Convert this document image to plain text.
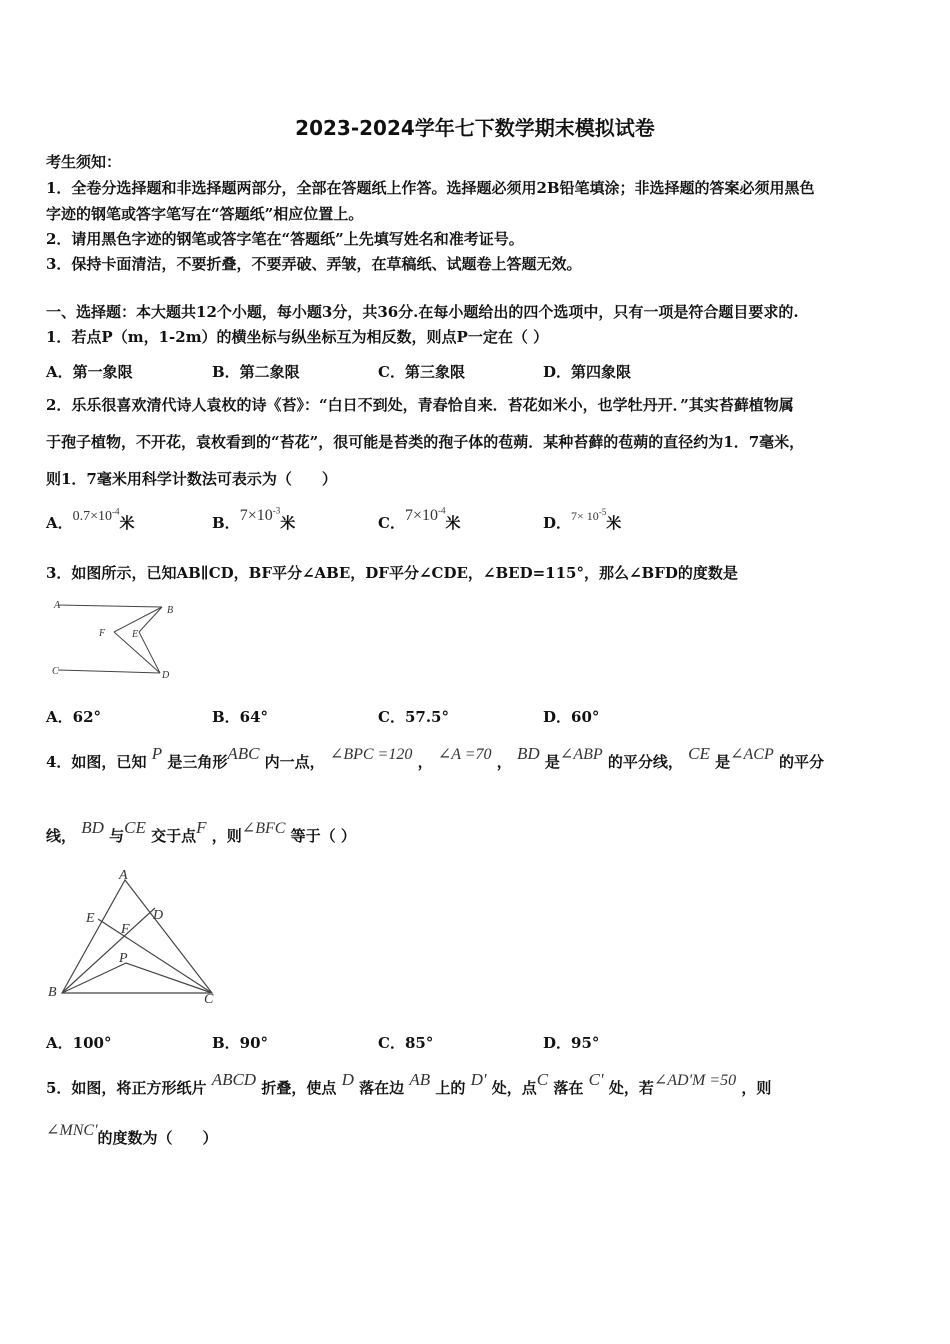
2023-2024学年七下数学期末模拟试卷
考生须知：
1．全卷分选择题和非选择题两部分，全部在答题纸上作答。选择题必须用2B铅笔填涂；非选择题的答案必须用黑色
字迹的钢笔或答字笔写在“答题纸”相应位置上。
2．请用黑色字迹的钢笔或答字笔在“答题纸”上先填写姓名和准考证号。
3．保持卡面清洁，不要折叠，不要弄破、弄皱，在草稿纸、试题卷上答题无效。
一、选择题：本大题共12个小题，每小题3分，共36分.在每小题给出的四个选项中，只有一项是符合题目要求的.
1．若点P（m，1-2m）的横坐标与纵坐标互为相反数，则点P一定在（ ）
A．第一象限	B．第二象限	C．第三象限	D．第四象限
2．乐乐很喜欢清代诗人袁枚的诗《苔》：“白日不到处，青春恰自来．苔花如米小，也学牡丹开．”其实苔藓植物属
于孢子植物，不开花，袁枚看到的“苔花”，很可能是苔类的孢子体的苞蒴．某种苔藓的苞蒴的直径约为1．7毫米，
则1．7毫米用科学计数法可表示为（　　）
A．$0.7\times 10^{-4}$米	B．$7\times 10^{-3}$米	C．$7\times 10^{-4}$米	D．$^{7\times 10^{-5}}$米
3．如图所示，已知AB∥CD，BF平分∠ABE，DF平分∠CDE，∠BED=115°，那么∠BFD的度数是
A	B
C	D
E
F
A．62°	B．64°	C．57.5°	D．60°
4．如图，已知 P 是三角形ABC 内一点， ∠BPC =120 ， ∠A =70 ， BD 是∠ABP 的平分线， CE 是∠ACP 的平分
线， BD 与CE 交于点F ，则∠BFC 等于（ ）
A
B	C
D
E
F
P
A．100°	B．90°	C．85°	D．95°
5．如图，将正方形纸片 ABCD 折叠，使点 D 落在边 AB 上的 D' 处，点C 落在 C' 处，若∠AD'M =50 ，则
∠MNC'的度数为（　　）
